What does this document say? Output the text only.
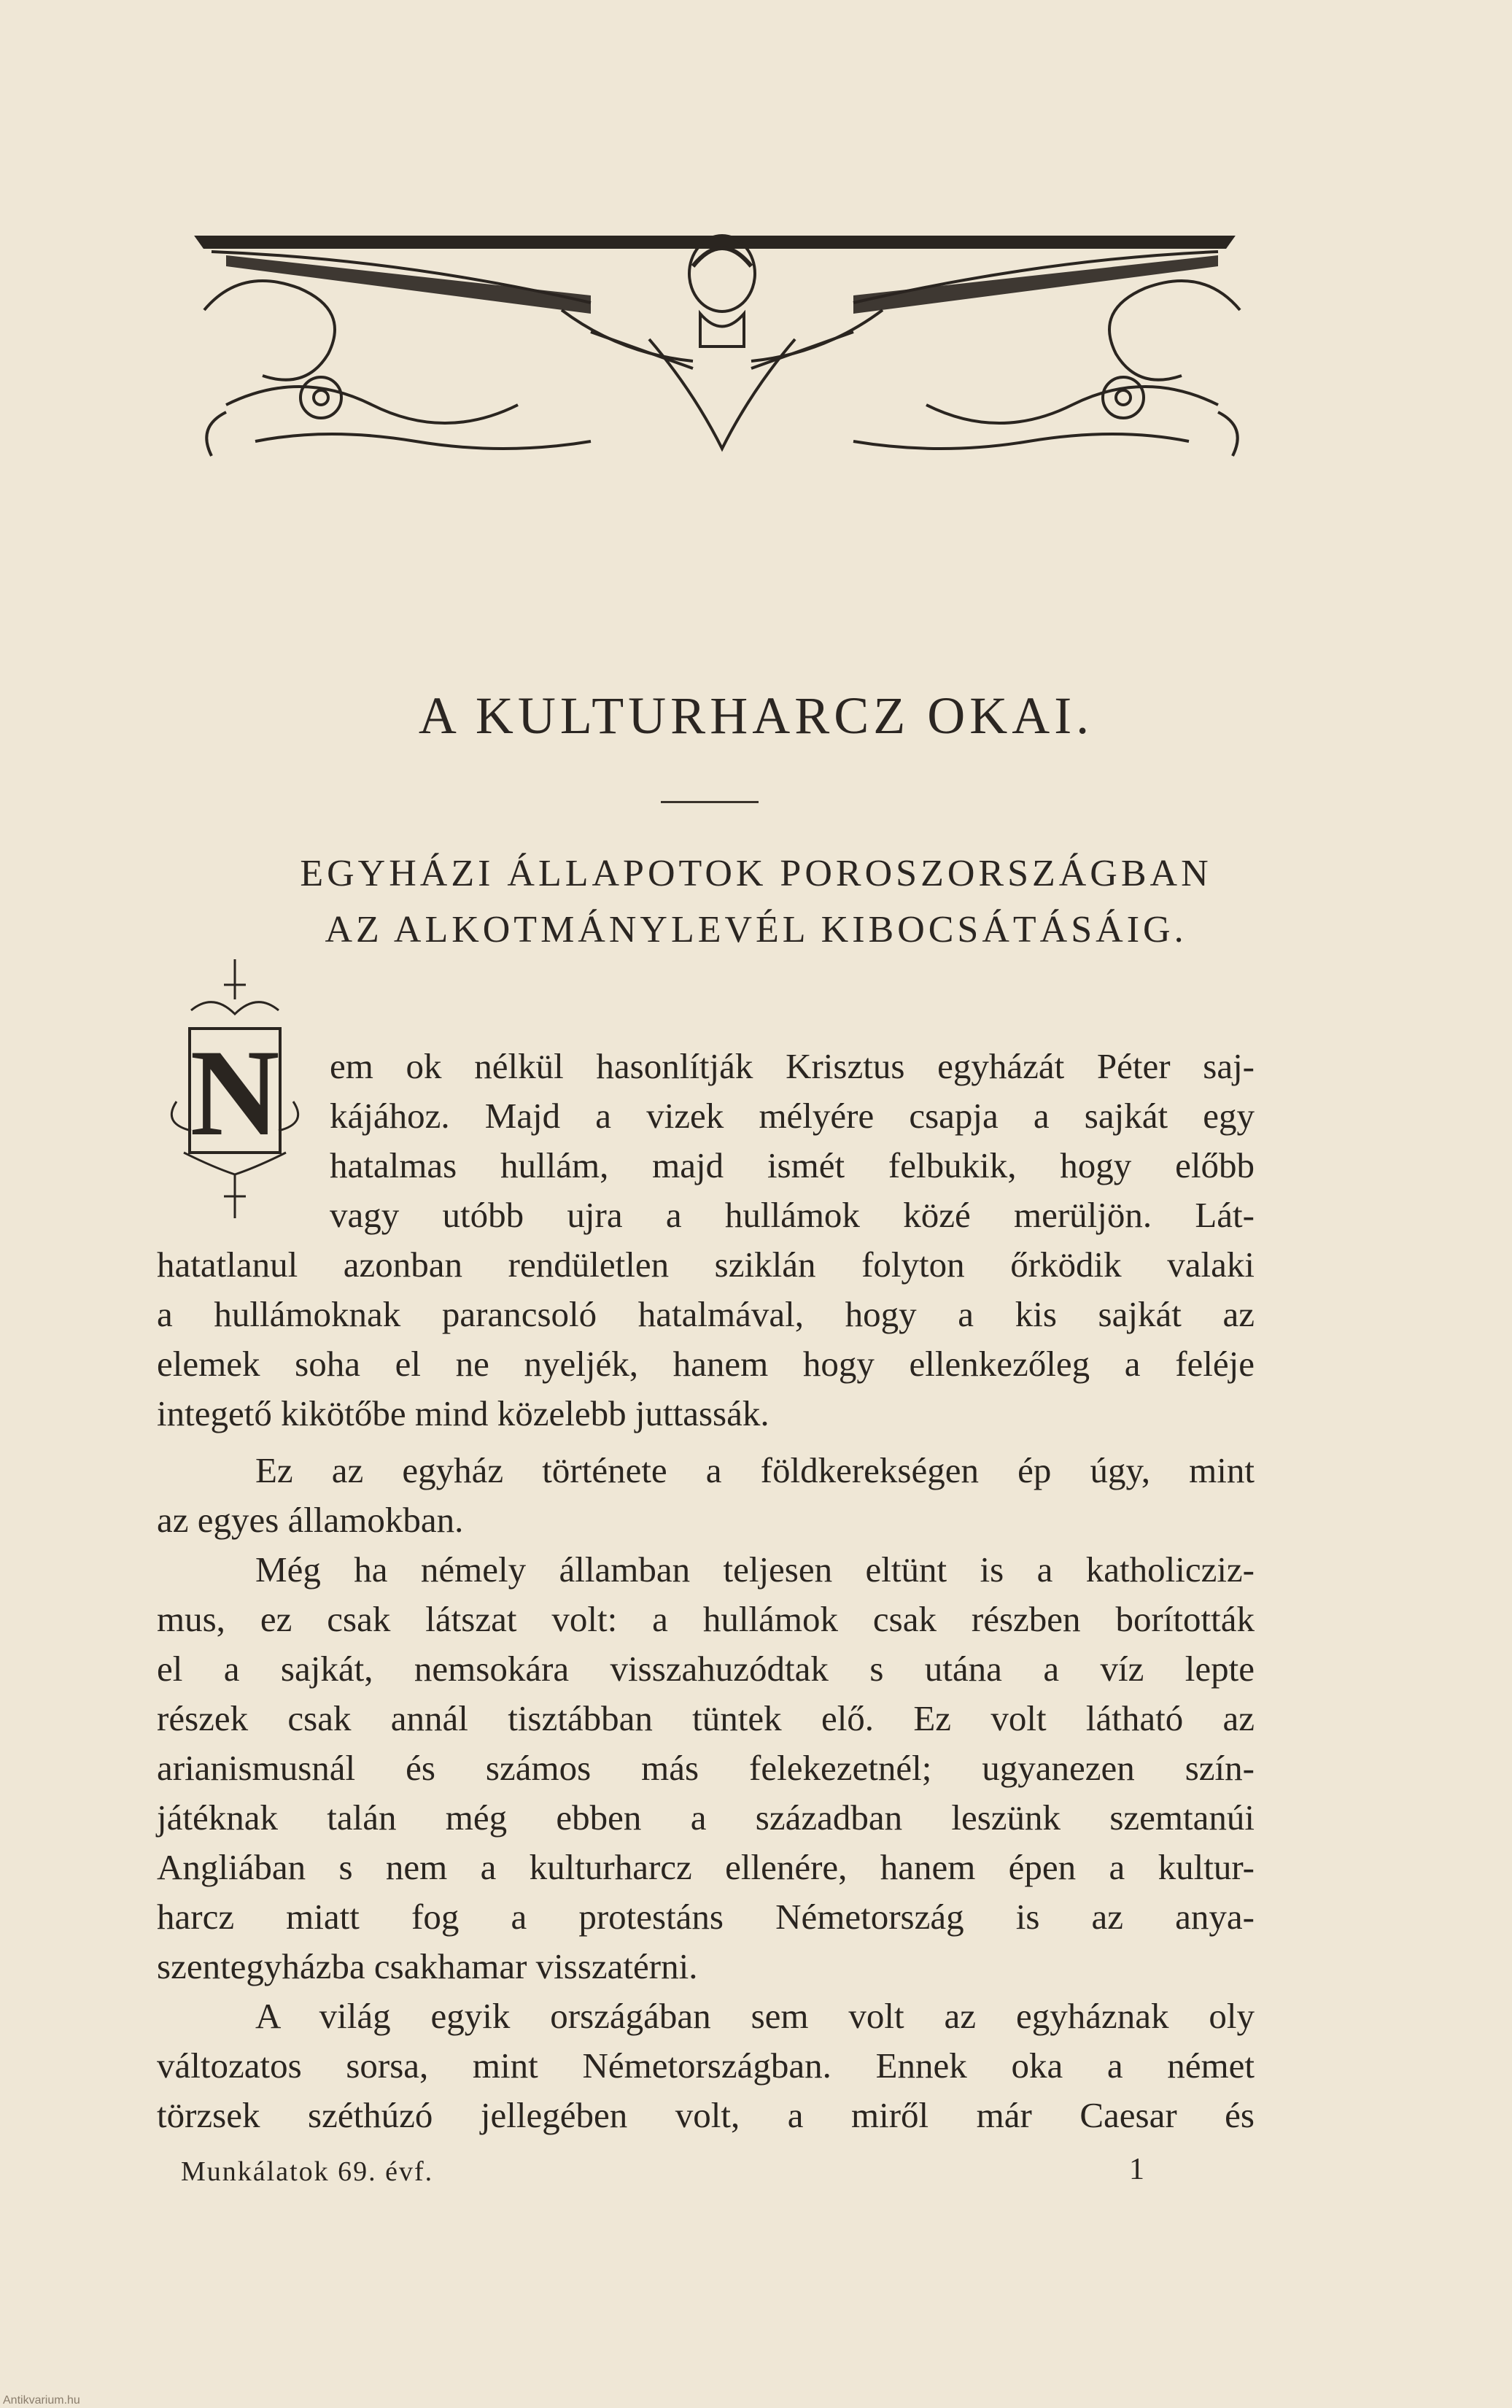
A KULTURHARCZ OKAI.
EGYHÁZI ÁLLAPOTOK POROSZORSZÁGBAN
AZ ALKOTMÁNYLEVÉL KIBOCSÁTÁSÁIG.
N em ok nélkül hasonlítják Krisztus egyházát Péter saj-
kájához. Majd a vizek mélyére csapja a sajkát egy
hatalmas hullám, majd ismét felbukik, hogy előbb
vagy utóbb ujra a hullámok közé merüljön. Lát-
hatatlanul azonban rendületlen sziklán folyton őrködik valaki
a hullámoknak parancsoló hatalmával, hogy a kis sajkát az
elemek soha el ne nyeljék, hanem hogy ellenkezőleg a feléje
integető kikötőbe mind közelebb juttassák.
Ez az egyház története a földkerekségen ép úgy, mint
az egyes államokban.
Még ha némely államban teljesen eltünt is a katholicziz-
mus, ez csak látszat volt: a hullámok csak részben borították
el a sajkát, nemsokára visszahuzódtak s utána a víz lepte
részek csak annál tisztábban tüntek elő. Ez volt látható az
arianismusnál és számos más felekezetnél; ugyanezen szín-
játéknak talán még ebben a században leszünk szemtanúi
Angliában s nem a kulturharcz ellenére, hanem épen a kultur-
harcz miatt fog a protestáns Németország is az anya-
szentegyházba csakhamar visszatérni.
A világ egyik országában sem volt az egyháznak oly
változatos sorsa, mint Németországban. Ennek oka a német
törzsek széthúzó jellegében volt, a miről már Caesar és
Munkálatok 69. évf.	1
Antikvarium.hu
